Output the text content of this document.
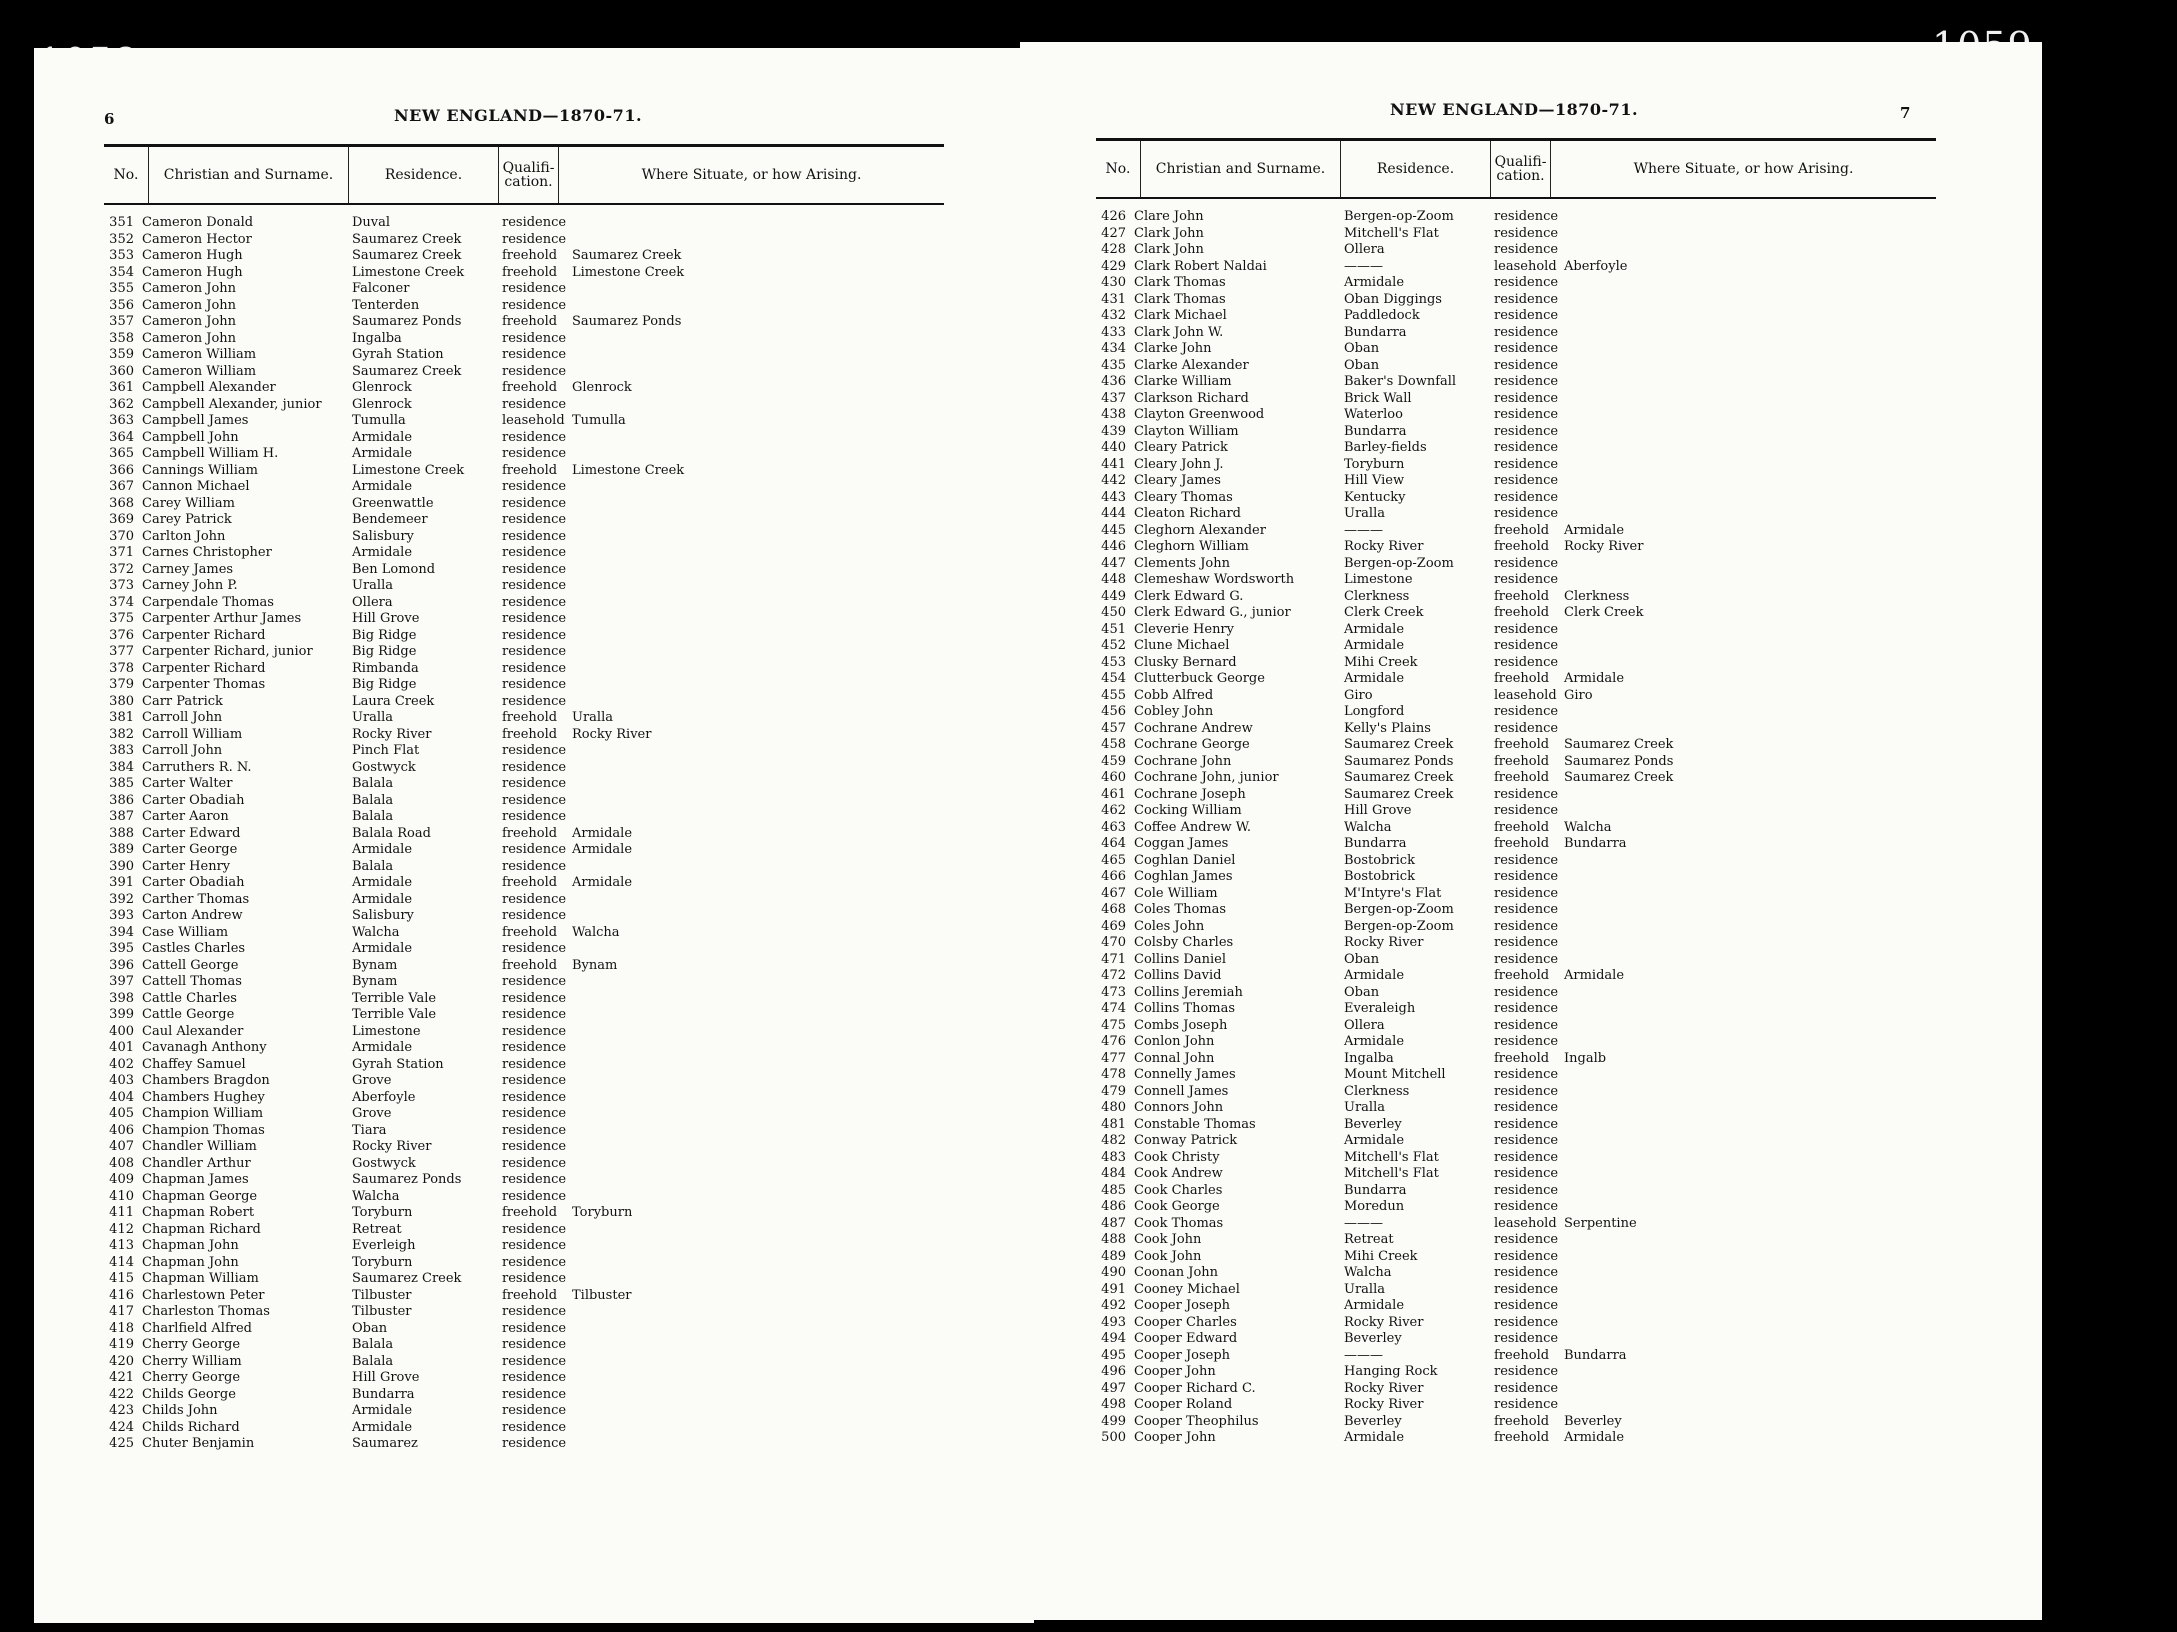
6	NEW ENGLAND—1870-71.
No.	Christian and Surname.	Residence.	Qualifi- cation.	Where Situate, or how Arising.
351 Cameron Donald	Duval	residence
352 Cameron Hector	Saumarez Creek	residence
353 Cameron Hugh	Saumarez Creek	freehold	Saumarez Creek
354 Cameron Hugh	Limestone Creek	freehold	Limestone Creek
355 Cameron John	Falconer	residence
356 Cameron John	Tenterden	residence
357 Cameron John	Saumarez Ponds	freehold	Saumarez Ponds
358 Cameron John	Ingalba	residence
359 Cameron William	Gyrah Station	residence
360 Cameron William	Saumarez Creek	residence
361 Campbell Alexander	Glenrock	freehold	Glenrock
362 Campbell Alexander, junior	Glenrock	residence
363 Campbell James	Tumulla	leasehold Tumulla
364 Campbell John	Armidale	residence
365 Campbell William H.	Armidale	residence
366 Cannings William	Limestone Creek	freehold	Limestone Creek
367 Cannon Michael	Armidale	residence
368 Carey William	Greenwattle	residence
369 Carey Patrick	Bendemeer	residence
370 Carlton John	Salisbury	residence
371 Carnes Christopher	Armidale	residence
372 Carney James	Ben Lomond	residence
373 Carney John P.	Uralla	residence
374 Carpendale Thomas	Ollera	residence
375 Carpenter Arthur James	Hill Grove	residence
376 Carpenter Richard	Big Ridge	residence
377 Carpenter Richard, junior	Big Ridge	residence
378 Carpenter Richard	Rimbanda	residence
379 Carpenter Thomas	Big Ridge	residence
380 Carr Patrick	Laura Creek	residence
381 Carroll John	Uralla	freehold	Uralla
382 Carroll William	Rocky River	freehold	Rocky River
383 Carroll John	Pinch Flat	residence
384 Carruthers R. N.	Gostwyck	residence
385 Carter Walter	Balala	residence
386 Carter Obadiah	Balala	residence
387 Carter Aaron	Balala	residence
388 Carter Edward	Balala Road	freehold	Armidale
389 Carter George	Armidale	residence Armidale
390 Carter Henry	Balala	residence
391 Carter Obadiah	Armidale	freehold	Armidale
392 Carther Thomas	Armidale	residence
393 Carton Andrew	Salisbury	residence
394 Case William	Walcha	freehold	Walcha
395 Castles Charles	Armidale	residence
396 Cattell George	Bynam	freehold	Bynam
397 Cattell Thomas	Bynam	residence
398 Cattle Charles	Terrible Vale	residence
399 Cattle George	Terrible Vale	residence
400 Caul Alexander	Limestone	residence
401 Cavanagh Anthony	Armidale	residence
402 Chaffey Samuel	Gyrah Station	residence
403 Chambers Bragdon	Grove	residence
404 Chambers Hughey	Aberfoyle	residence
405 Champion William	Grove	residence
406 Champion Thomas	Tiara	residence
407 Chandler William	Rocky River	residence
408 Chandler Arthur	Gostwyck	residence
409 Chapman James	Saumarez Ponds	residence
410 Chapman George	Walcha	residence
411 Chapman Robert	Toryburn	freehold	Toryburn
412 Chapman Richard	Retreat	residence
413 Chapman John	Everleigh	residence
414 Chapman John	Toryburn	residence
415 Chapman William	Saumarez Creek	residence
416 Charlestown Peter	Tilbuster	freehold	Tilbuster
417 Charleston Thomas	Tilbuster	residence
418 Charlfield Alfred	Oban	residence
419 Cherry George	Balala	residence
420 Cherry William	Balala	residence
421 Cherry George	Hill Grove	residence
422 Childs George	Bundarra	residence
423 Childs John	Armidale	residence
424 Childs Richard	Armidale	residence
425 Chuter Benjamin	Saumarez	residence
7
NEW ENGLAND—1870-71.
No.	Christian and Surname.	Residence.	Qualifi- cation.	Where Situate, or how Arising.
426 Clare John	Bergen-op-Zoom	residence
427 Clark John	Mitchell's Flat	residence
428 Clark John	Ollera	residence
429 Clark Robert Naldai	———	leasehold Aberfoyle
430 Clark Thomas	Armidale	residence
431 Clark Thomas	Oban Diggings	residence
432 Clark Michael	Paddledock	residence
433 Clark John W.	Bundarra	residence
434 Clarke John	Oban	residence
435 Clarke Alexander	Oban	residence
436 Clarke William	Baker's Downfall	residence
437 Clarkson Richard	Brick Wall	residence
438 Clayton Greenwood	Waterloo	residence
439 Clayton William	Bundarra	residence
440 Cleary Patrick	Barley-fields	residence
441 Cleary John J.	Toryburn	residence
442 Cleary James	Hill View	residence
443 Cleary Thomas	Kentucky	residence
444 Cleaton Richard	Uralla	residence
445 Cleghorn Alexander	———	freehold	Armidale
446 Cleghorn William	Rocky River	freehold	Rocky River
447 Clements John	Bergen-op-Zoom	residence
448 Clemeshaw Wordsworth	Limestone	residence
449 Clerk Edward G.	Clerkness	freehold	Clerkness
450 Clerk Edward G., junior	Clerk Creek	freehold	Clerk Creek
451 Cleverie Henry	Armidale	residence
452 Clune Michael	Armidale	residence
453 Clusky Bernard	Mihi Creek	residence
454 Clutterbuck George	Armidale	freehold	Armidale
455 Cobb Alfred	Giro	leasehold Giro
456 Cobley John	Longford	residence
457 Cochrane Andrew	Kelly's Plains	residence
458 Cochrane George	Saumarez Creek	freehold	Saumarez Creek
459 Cochrane John	Saumarez Ponds	freehold	Saumarez Ponds
460 Cochrane John, junior	Saumarez Creek	freehold	Saumarez Creek
461 Cochrane Joseph	Saumarez Creek	residence
462 Cocking William	Hill Grove	residence
463 Coffee Andrew W.	Walcha	freehold	Walcha
464 Coggan James	Bundarra	freehold	Bundarra
465 Coghlan Daniel	Bostobrick	residence
466 Coghlan James	Bostobrick	residence
467 Cole William	M'Intyre's Flat	residence
468 Coles Thomas	Bergen-op-Zoom	residence
469 Coles John	Bergen-op-Zoom	residence
470 Colsby Charles	Rocky River	residence
471 Collins Daniel	Oban	residence
472 Collins David	Armidale	freehold	Armidale
473 Collins Jeremiah	Oban	residence
474 Collins Thomas	Everaleigh	residence
475 Combs Joseph	Ollera	residence
476 Conlon John	Armidale	residence
477 Connal John	Ingalba	freehold	Ingalb
478 Connelly James	Mount Mitchell	residence
479 Connell James	Clerkness	residence
480 Connors John	Uralla	residence
481 Constable Thomas	Beverley	residence
482 Conway Patrick	Armidale	residence
483 Cook Christy	Mitchell's Flat	residence
484 Cook Andrew	Mitchell's Flat	residence
485 Cook Charles	Bundarra	residence
486 Cook George	Moredun	residence
487 Cook Thomas	———	leasehold Serpentine
488 Cook John	Retreat	residence
489 Cook John	Mihi Creek	residence
490 Coonan John	Walcha	residence
491 Cooney Michael	Uralla	residence
492 Cooper Joseph	Armidale	residence
493 Cooper Charles	Rocky River	residence
494 Cooper Edward	Beverley	residence
495 Cooper Joseph	———	freehold	Bundarra
496 Cooper John	Hanging Rock	residence
497 Cooper Richard C.	Rocky River	residence
498 Cooper Roland	Rocky River	residence
499 Cooper Theophilus	Beverley	freehold	Beverley
500 Cooper John	Armidale	freehold	Armidale
